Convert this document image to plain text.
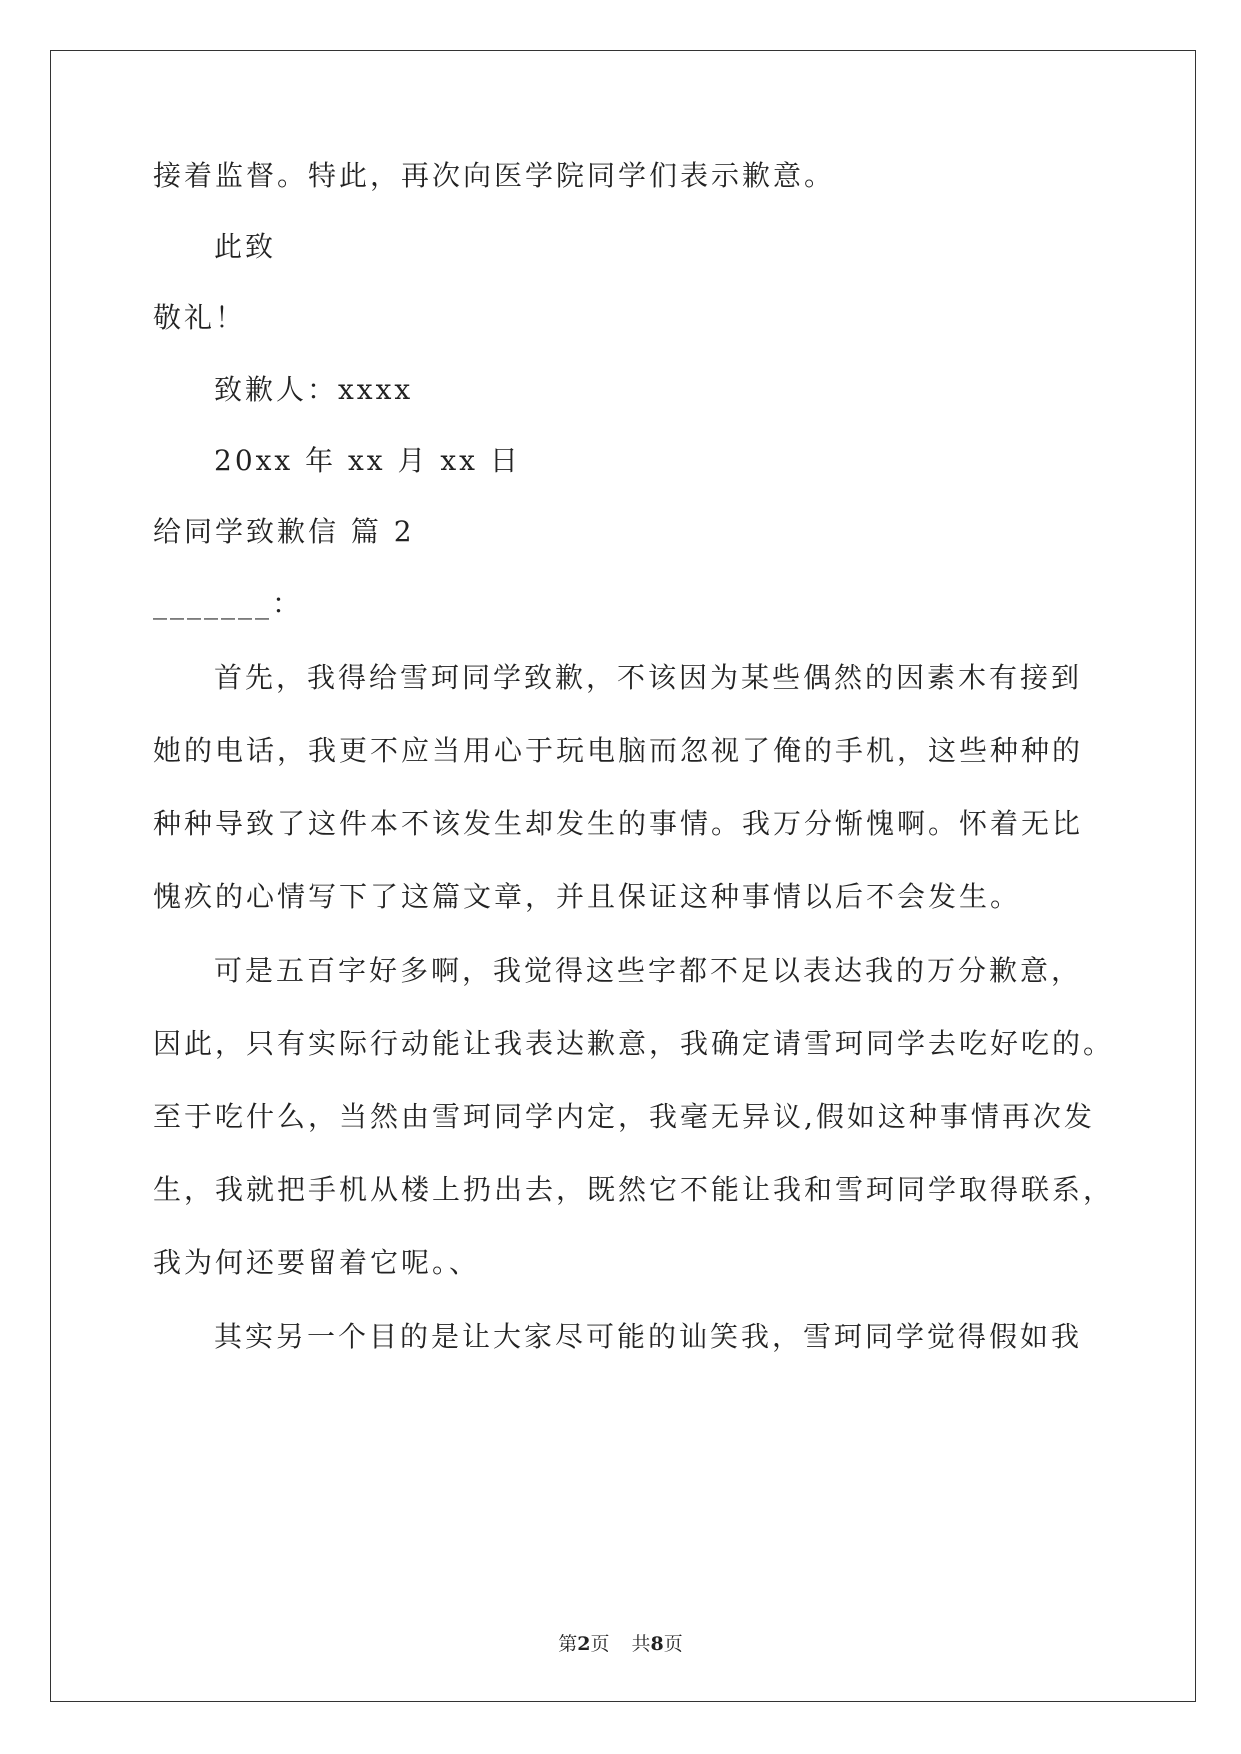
接着监督。特此，再次向医学院同学们表示歉意。
此致
敬礼！
致歉人：xxxx
20xx 年 xx 月 xx 日
给同学致歉信 篇 2
_______：
首先，我得给雪珂同学致歉，不该因为某些偶然的因素木有接到
她的电话，我更不应当用心于玩电脑而忽视了俺的手机，这些种种的
种种导致了这件本不该发生却发生的事情。我万分惭愧啊。怀着无比
愧疚的心情写下了这篇文章，并且保证这种事情以后不会发生。
可是五百字好多啊，我觉得这些字都不足以表达我的万分歉意，
因此，只有实际行动能让我表达歉意，我确定请雪珂同学去吃好吃的。
至于吃什么，当然由雪珂同学内定，我毫无异议,假如这种事情再次发
生，我就把手机从楼上扔出去，既然它不能让我和雪珂同学取得联系，
我为何还要留着它呢。、
其实另一个目的是让大家尽可能的讪笑我，雪珂同学觉得假如我
第2页 共8页
